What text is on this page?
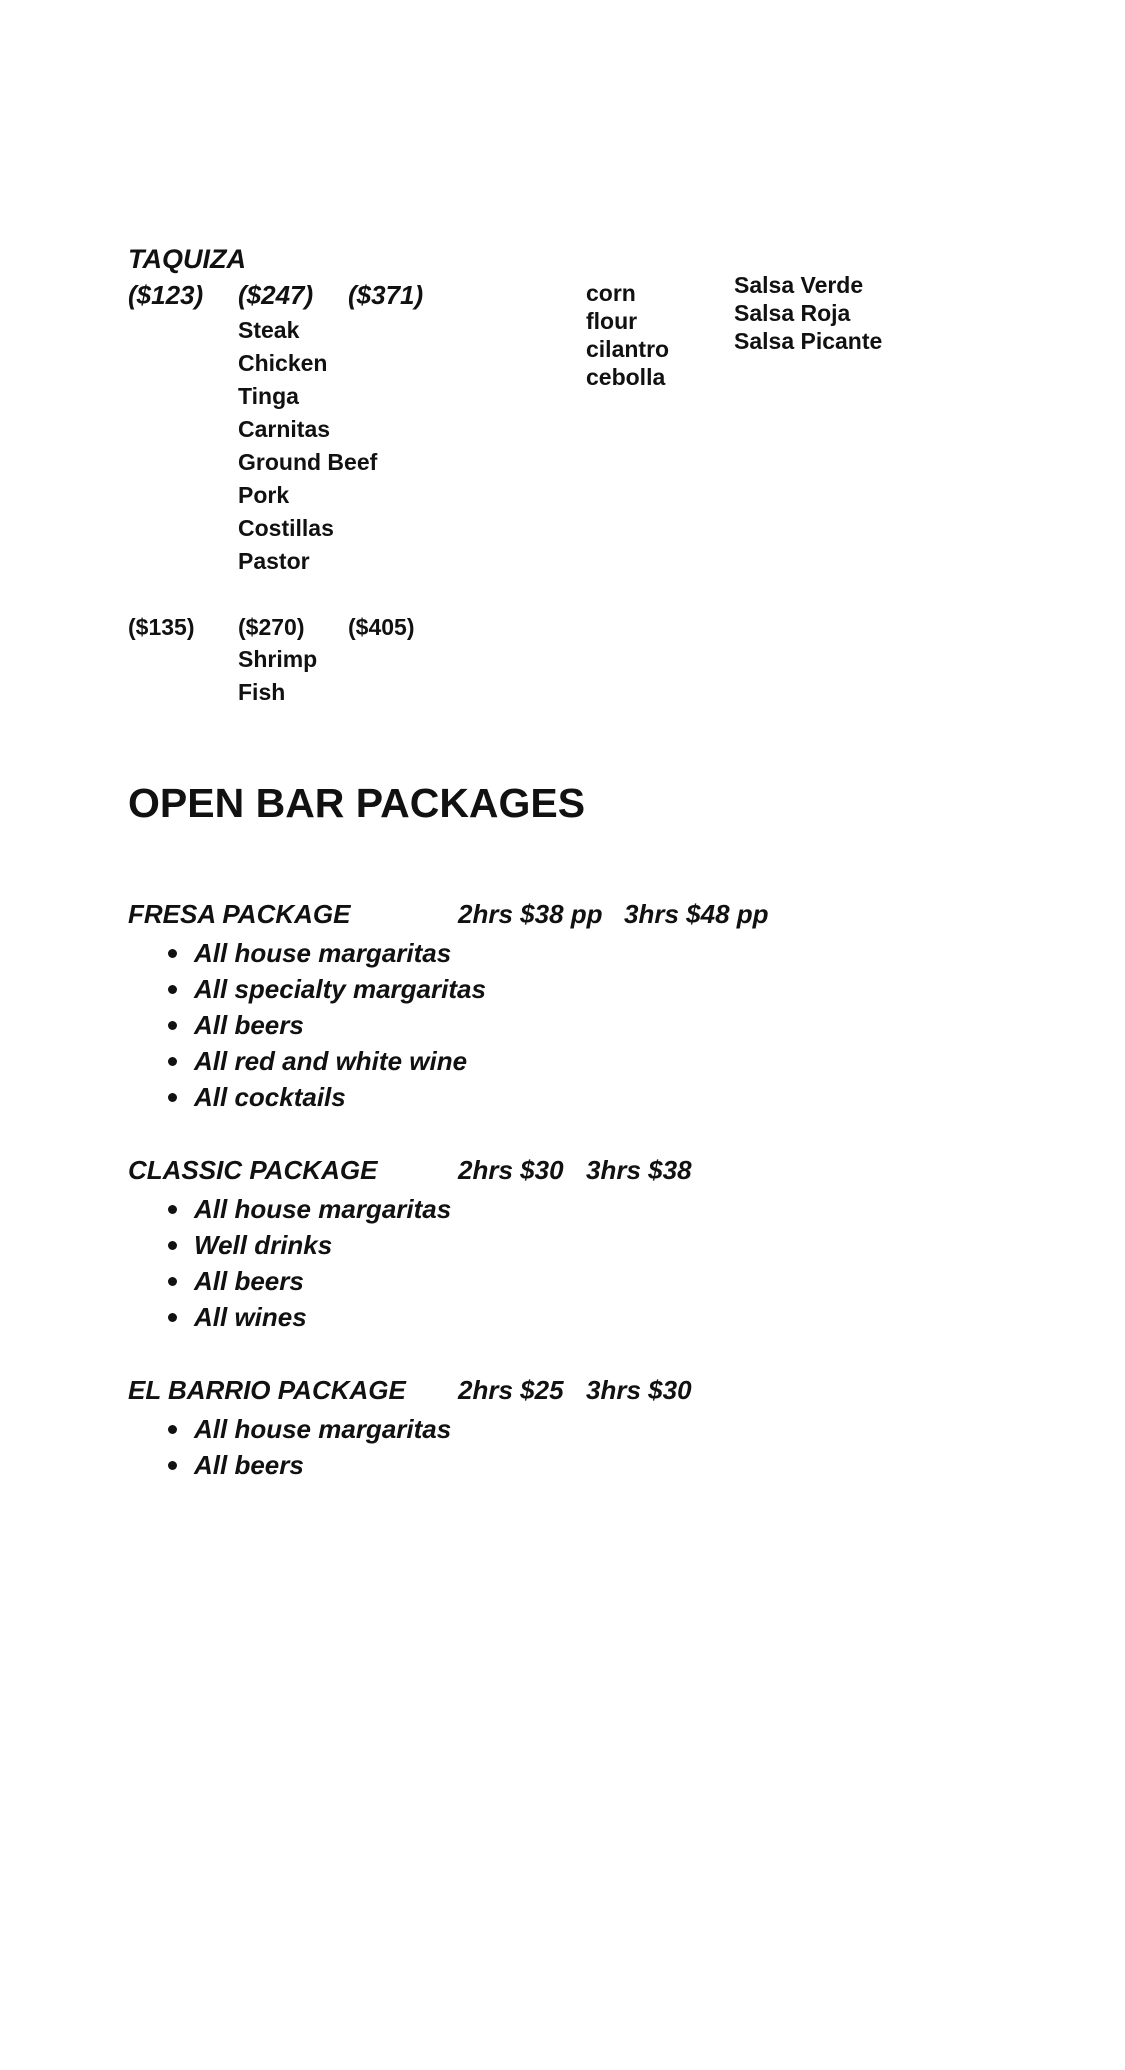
TAQUIZA
($123) ($247) ($371)
Steak
Chicken
Tinga
Carnitas
Ground Beef
Pork
Costillas
Pastor
corn
flour
cilantro
cebolla
Salsa Verde
Salsa Roja
Salsa Picante
($135) ($270) ($405)
Shrimp
Fish
OPEN BAR PACKAGES
FRESA PACKAGE	2hrs $38 pp 3hrs $48 pp
All house margaritas
All specialty margaritas
All beers
All red and white wine
All cocktails
CLASSIC PACKAGE	2hrs $30 3hrs $38
All house margaritas
Well drinks
All beers
All wines
EL BARRIO PACKAGE 2hrs $25 3hrs $30
All house margaritas
All beers
